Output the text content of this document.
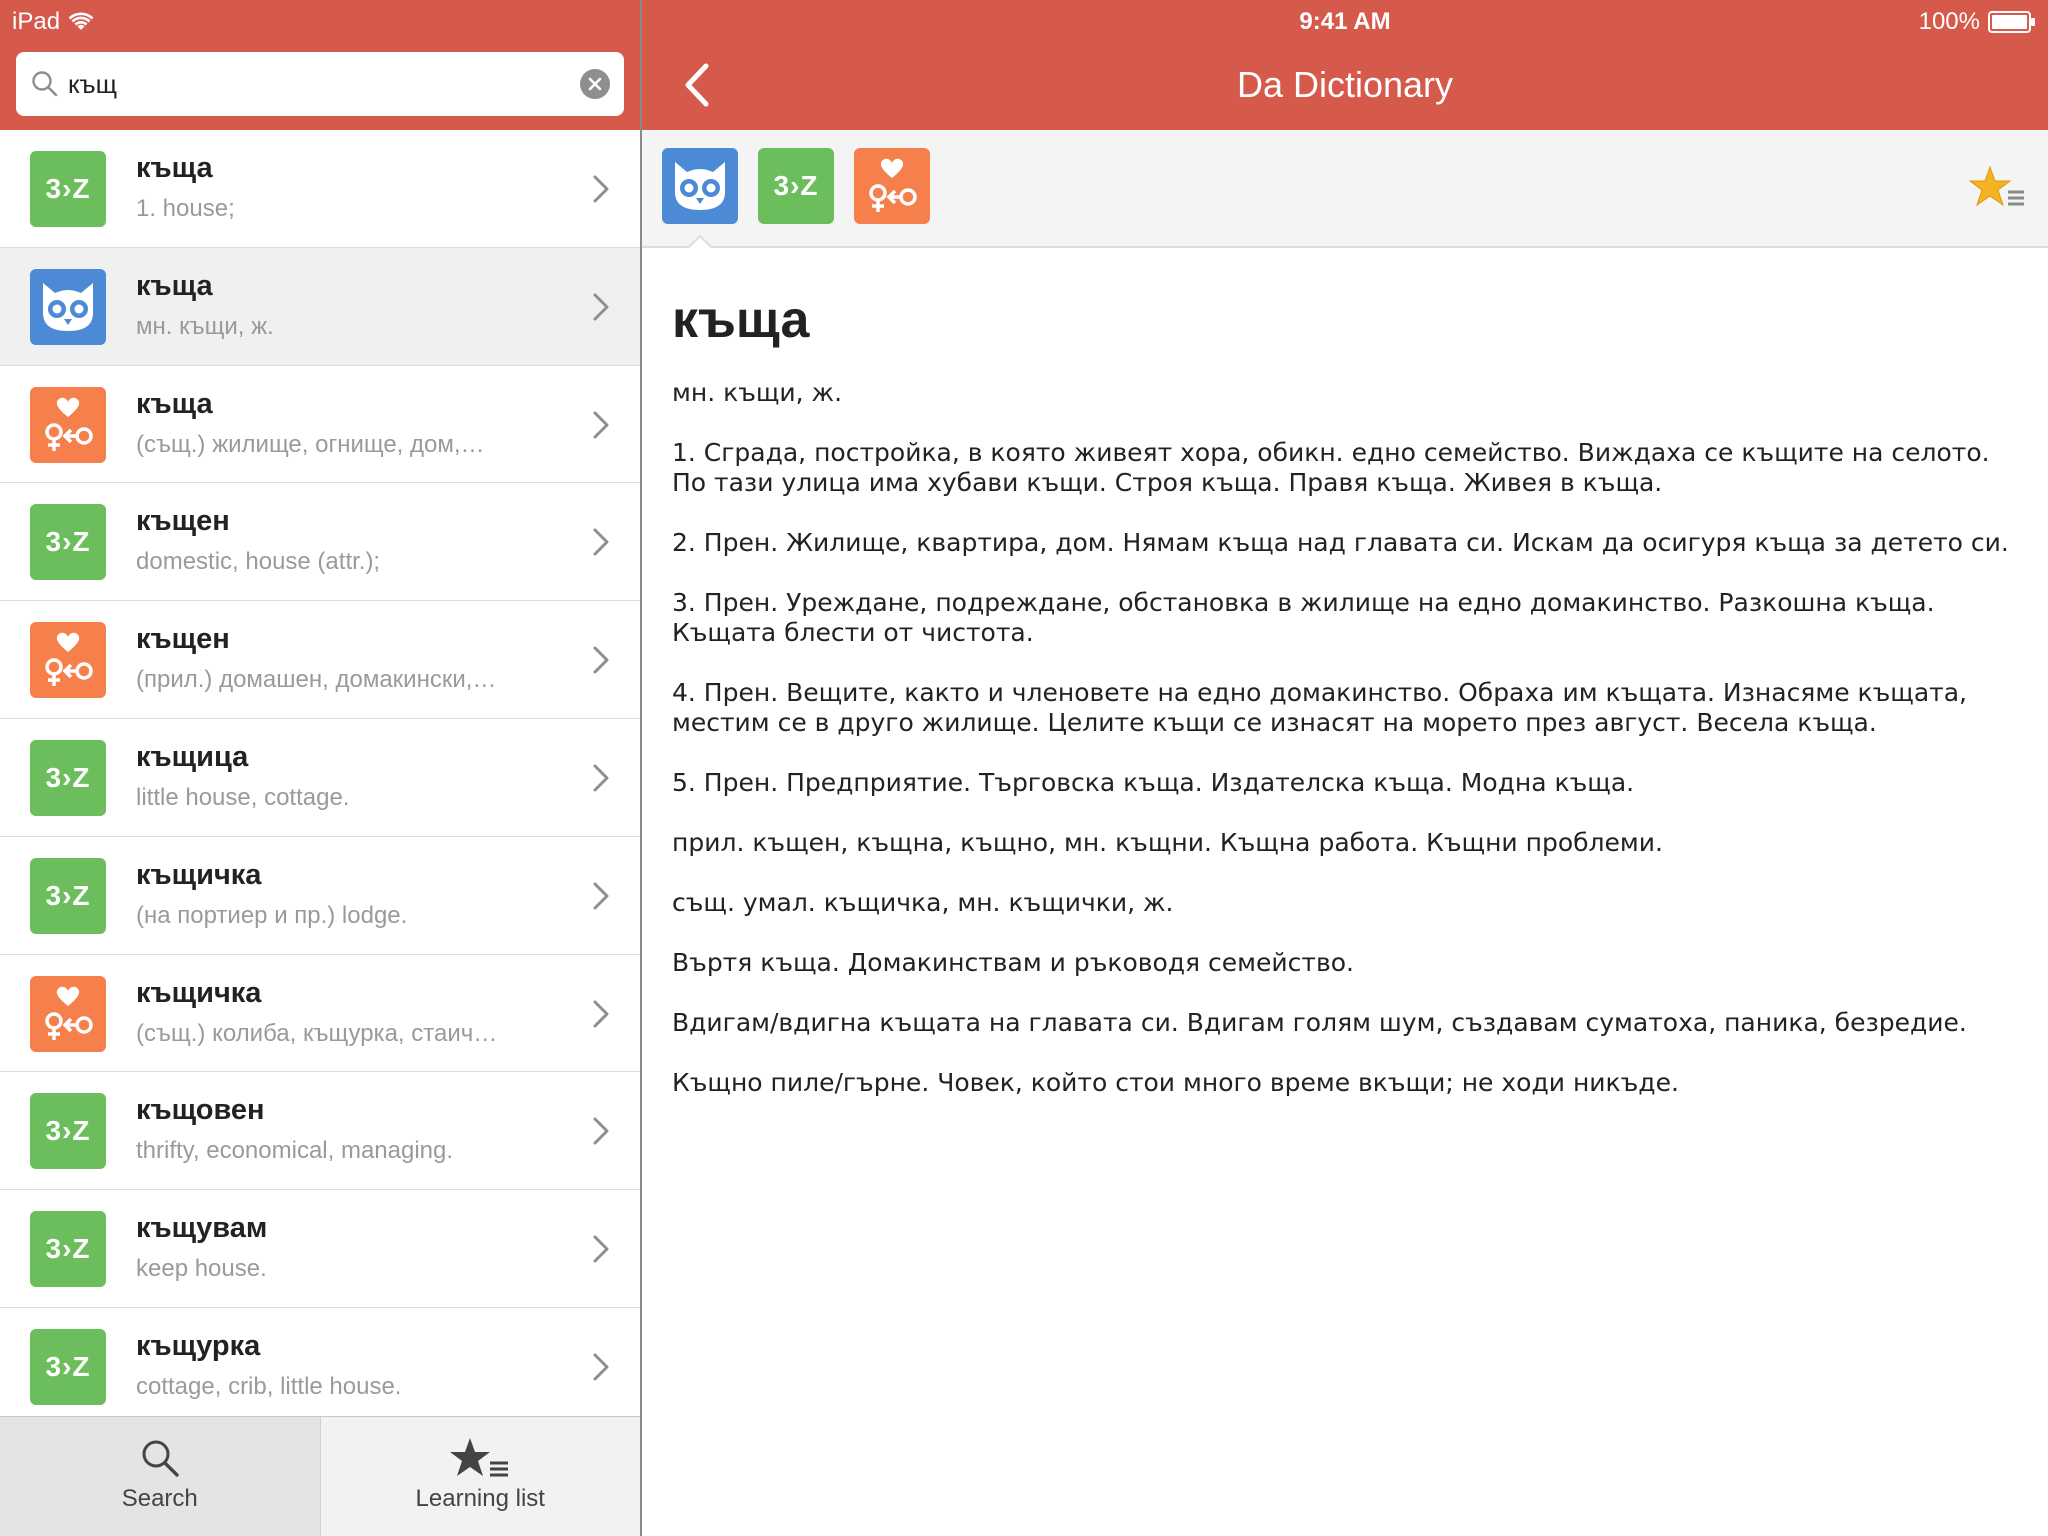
iPad
къщ
3›Z
къща
1. house;
къща
мн. къщи, ж.
къща
(същ.) жилище, огнище, дом,…
3›Z
къщен
domestic, house (attr.);
къщен
(прил.) домашен, домакински,…
3›Z
къщица
little house, cottage.
3›Z
къщичка
(на портиер и пр.) lodge.
къщичка
(същ.) колиба, къщурка, стаич…
3›Z
къщовен
thrifty, economical, managing.
3›Z
къщувам
keep house.
3›Z
къщурка
cottage, crib, little house.
Search	Learning list
9:41 AM	100%
Da Dictionary
3›Z
къща
мн. къщи, ж.
1. Сграда, постройка, в която живеят хора, обикн. едно семейство. Виждаха се къщите на селото. По тази улица има хубави къщи. Строя къща. Правя къща. Живея в къща.
2. Прен. Жилище, квартира, дом. Нямам къща над главата си. Искам да осигуря къща за детето си.
3. Прен. Уреждане, подреждане, обстановка в жилище на едно домакинство. Разкошна къща. Къщата блести от чистота.
4. Прен. Вещите, както и членовете на едно домакинство. Обраха им къщата. Изнасяме къщата, местим се в друго жилище. Целите къщи се изнасят на морето през август. Весела къща.
5. Прен. Предприятие. Търговска къща. Издателска къща. Модна къща.
прил. къщен, къщна, къщно, мн. къщни. Къщна работа. Къщни проблеми.
същ. умал. къщичка, мн. къщички, ж.
Въртя къща. Домакинствам и ръководя семейство.
Вдигам/вдигна къщата на главата си. Вдигам голям шум, създавам суматоха, паника, безредие.
Къщно пиле/гърне. Човек, който стои много време вкъщи; не ходи никъде.
